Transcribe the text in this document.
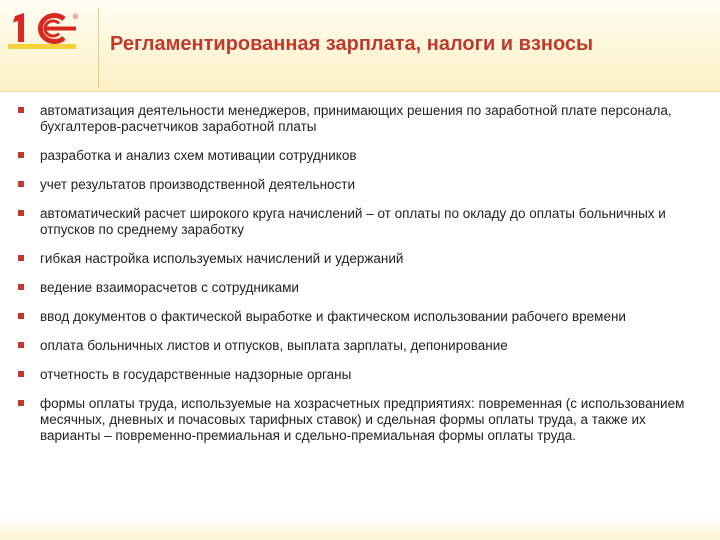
®
Регламентированная зарплата, налоги и взносы
автоматизация деятельности менеджеров, принимающих решения по заработной плате персонала, бухгалтеров-расчетчиков заработной платы
разработка и анализ схем мотивации сотрудников
учет результатов производственной деятельности
автоматический расчет широкого круга начислений – от оплаты по окладу до оплаты больничных и отпусков по среднему заработку
гибкая настройка используемых начислений и удержаний
ведение взаиморасчетов с сотрудниками
ввод документов о фактической выработке и фактическом использовании рабочего времени
оплата больничных листов и отпусков, выплата зарплаты, депонирование
отчетность в государственные надзорные органы
формы оплаты труда, используемые на хозрасчетных предприятиях: повременная (с использованием месячных, дневных и почасовых тарифных ставок) и сдельная формы оплаты труда, а также их варианты – повременно-премиальная и сдельно-премиальная формы оплаты труда.
